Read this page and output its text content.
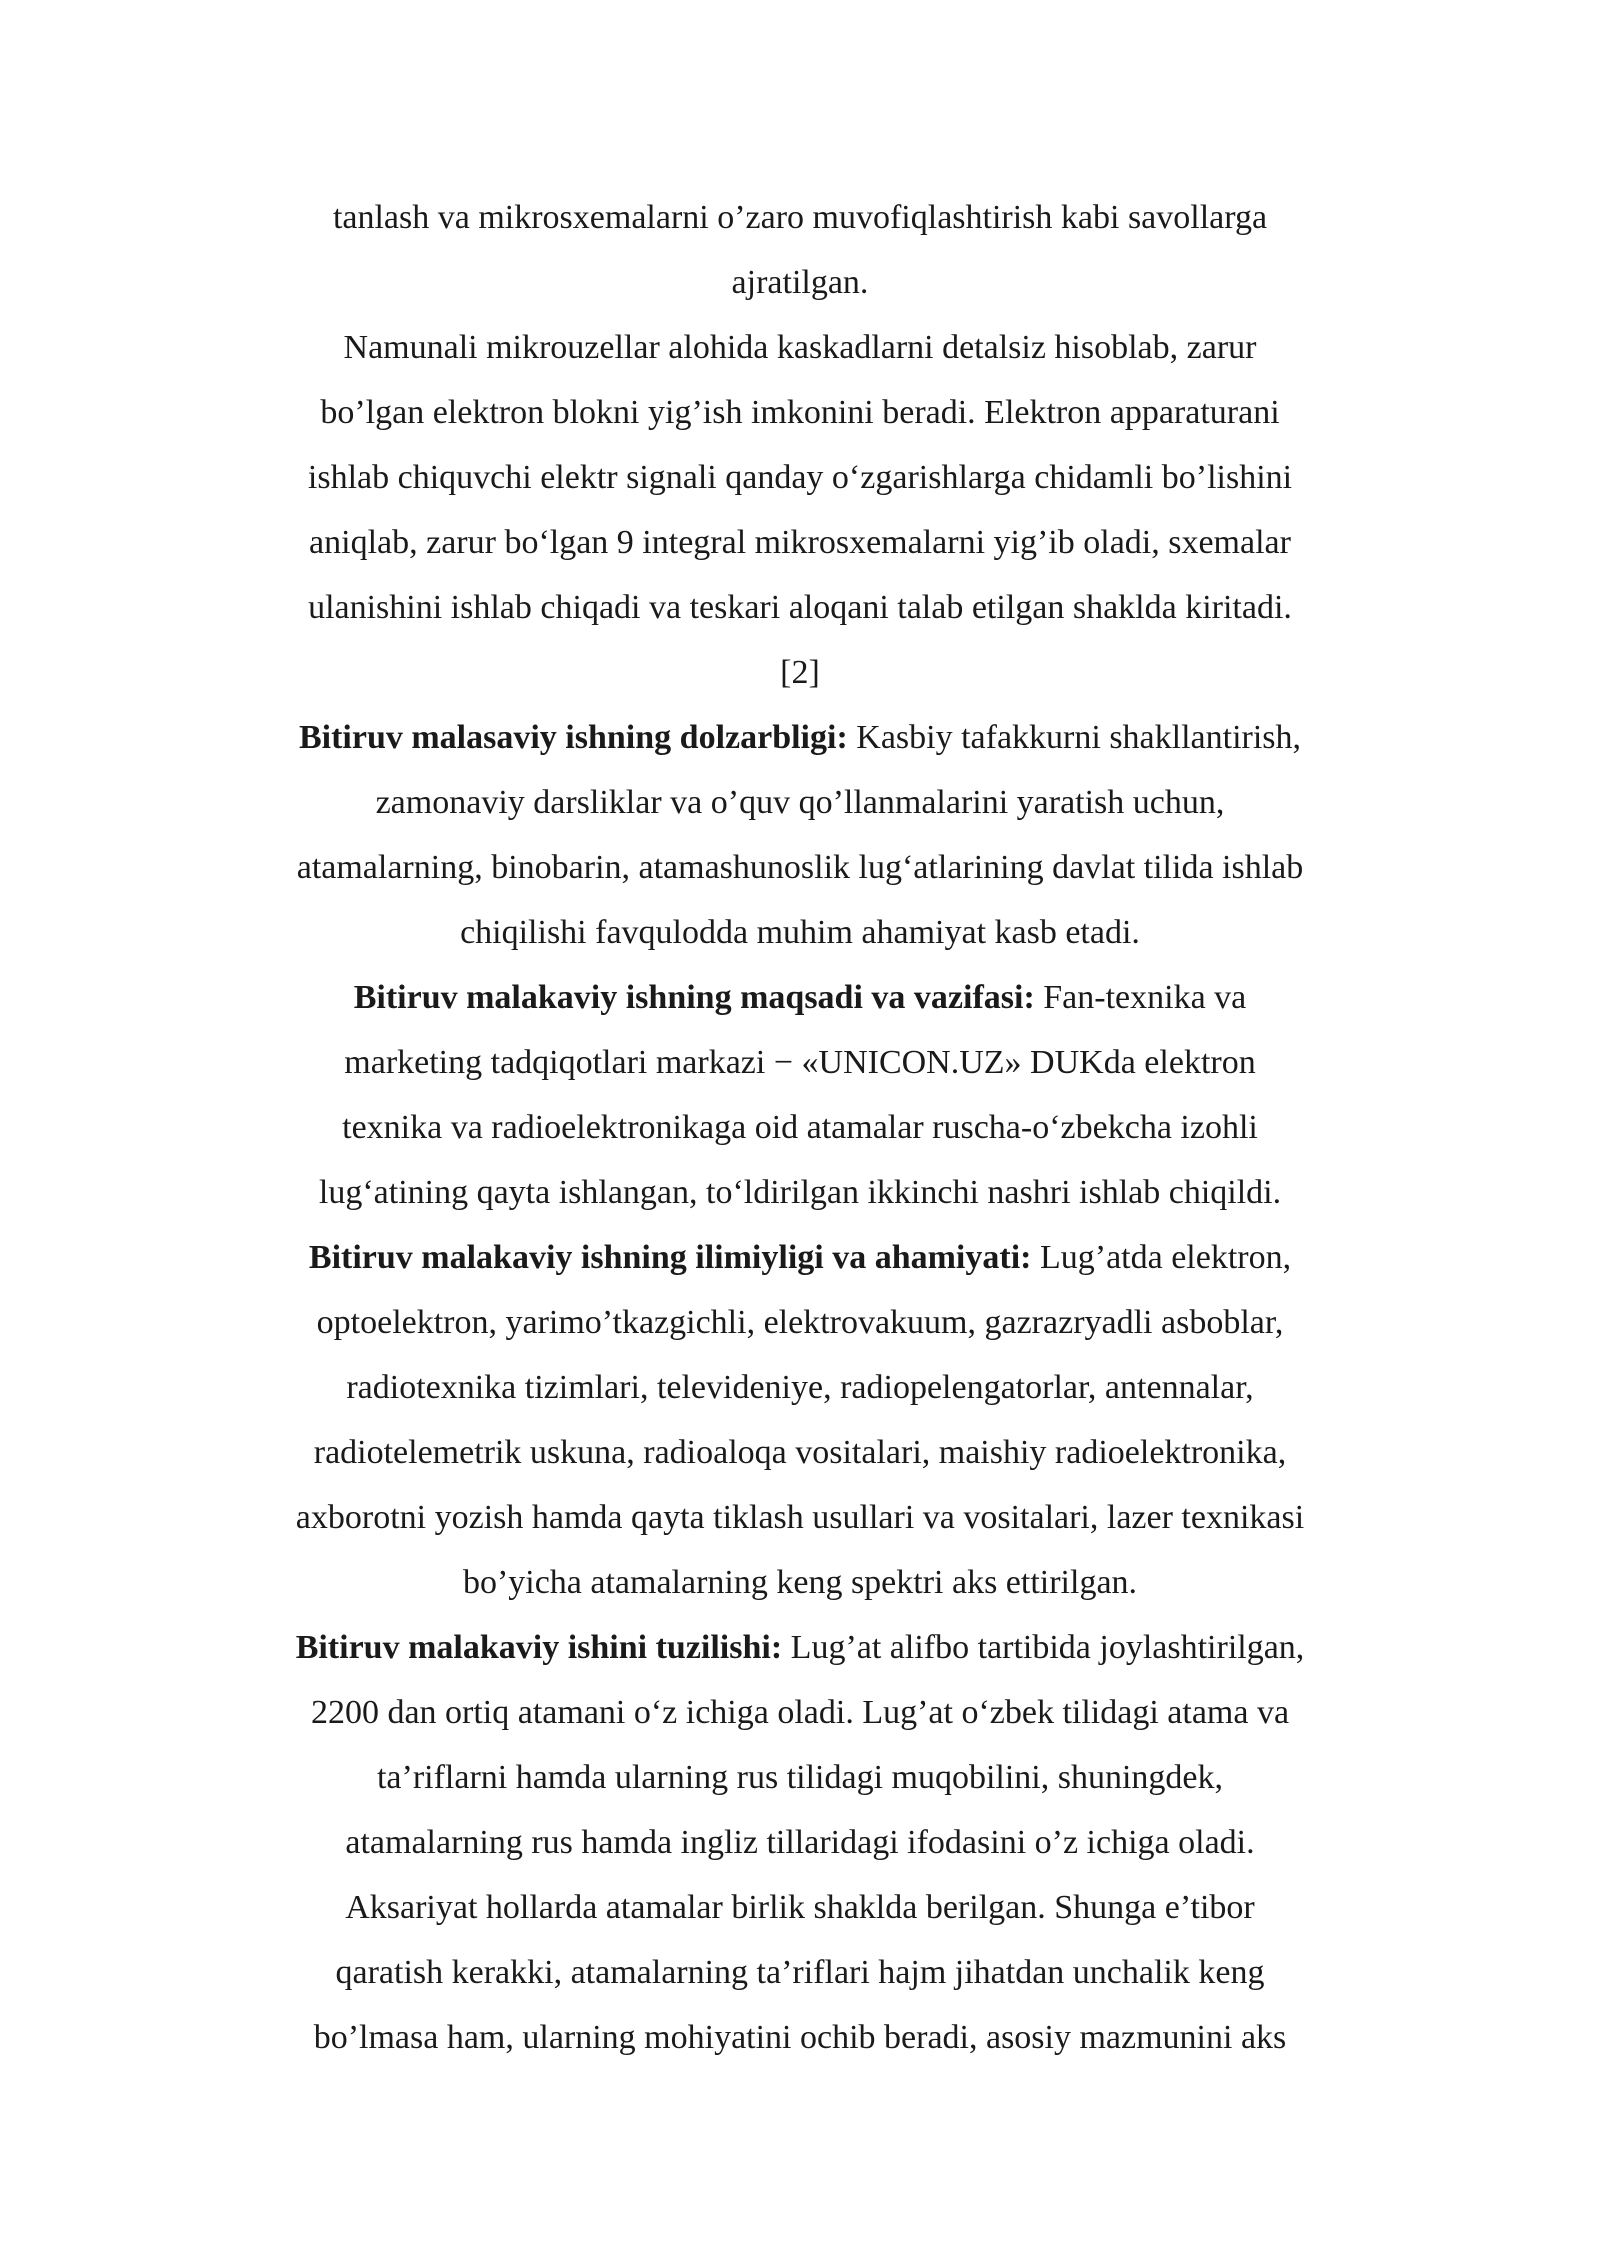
tanlash va mikrosxemalarni o’zaro muvofiqlashtirish kabi savollarga
ajratilgan.

Namunali mikrouzellar alohida kaskadlarni detalsiz hisoblab, zarur
bo’lgan elektron blokni yig’ish imkonini beradi. Elektron apparaturani
ishlab chiquvchi elektr signali qanday o‘zgarishlarga chidamli bo’lishini
aniqlab, zarur bo‘lgan 9 integral mikrosxemalarni yig’ib oladi, sxemalar
ulanishini ishlab chiqadi va teskari aloqani talab etilgan shaklda kiritadi.
[2]

Bitiruv malasaviy ishning dolzarbligi: Kasbiy tafakkurni shakllantirish,
zamonaviy darsliklar va o’quv qo’llanmalarini yaratish uchun,
atamalarning, binobarin, atamashunoslik lug‘atlarining davlat tilida ishlab
chiqilishi favqulodda muhim ahamiyat kasb etadi.

Bitiruv malakaviy ishning maqsadi va vazifasi: Fan-texnika va
marketing tadqiqotlari markazi − «UNICON.UZ» DUKda elektron
texnika va radioelektronikaga oid atamalar ruscha-o‘zbekcha izohli
lug‘atining qayta ishlangan, to‘ldirilgan ikkinchi nashri ishlab chiqildi.

Bitiruv malakaviy ishning ilimiyligi va ahamiyati: Lug’atda elektron,
optoelektron, yarimo’tkazgichli, elektrovakuum, gazrazryadli asboblar,
radiotexnika tizimlari, televideniye, radiopelengatorlar, antennalar,
radiotelemetrik uskuna, radioaloqa vositalari, maishiy radioelektronika,
axborotni yozish hamda qayta tiklash usullari va vositalari, lazer texnikasi
bo’yicha atamalarning keng spektri aks ettirilgan.

Bitiruv malakaviy ishini tuzilishi: Lug’at alifbo tartibida joylashtirilgan,
2200 dan ortiq atamani o‘z ichiga oladi. Lug’at o‘zbek tilidagi atama va
ta’riflarni hamda ularning rus tilidagi muqobilini, shuningdek,
atamalarning rus hamda ingliz tillaridagi ifodasini o’z ichiga oladi.
Aksariyat hollarda atamalar birlik shaklda berilgan. Shunga e’tibor
qaratish kerakki, atamalarning ta’riflari hajm jihatdan unchalik keng
bo’lmasa ham, ularning mohiyatini ochib beradi, asosiy mazmunini aks
